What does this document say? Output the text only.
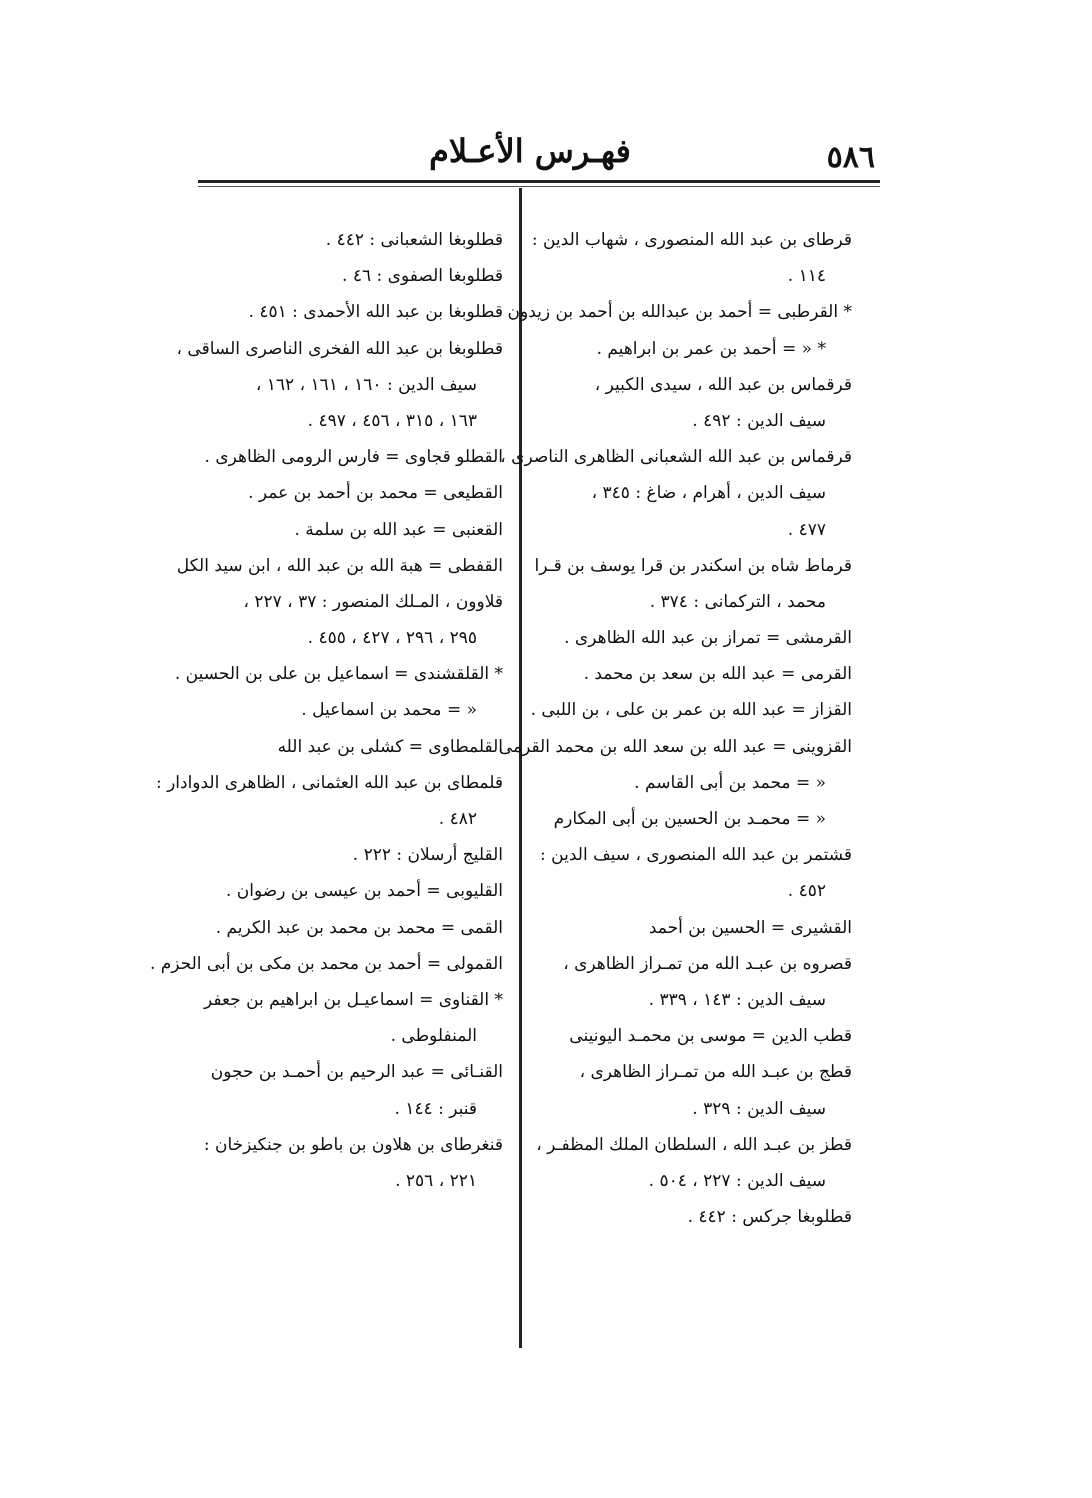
٥٨٦
فهـرس الأعـلام
قرطاى بن عبد الله المنصورى ، شهاب الدين :
١١٤ .
* القرطبى = أحمد بن عبدالله بن أحمد بن زيدون
* « = أحمد بن عمر بن ابراهيم .
قرقماس بن عبد الله ، سيدى الكبير ،
سيف الدين : ٤٩٢ .
قرقماس بن عبد الله الشعبانى الظاهرى الناصرى ،
سيف الدين ، أهرام ، ضاغ : ٣٤٥ ،
٤٧٧ .
قرماط شاه بن اسكندر بن قرا يوسف بن قـرا
محمد ، التركمانى : ٣٧٤ .
القرمشى = تمراز بن عبد الله الظاهرى .
القرمى = عبد الله بن سعد بن محمد .
القزاز = عبد الله بن عمر بن على ، بن اللبى .
القزوينى = عبد الله بن سعد الله بن محمد القرمى
« = محمد بن أبى القاسم .
« = محمـد بن الحسين بن أبى المكارم
قشتمر بن عبد الله المنصورى ، سيف الدين :
٤٥٢ .
القشيرى = الحسين بن أحمد
قصروه بن عبـد الله من تمـراز الظاهرى ،
سيف الدين : ١٤٣ ، ٣٣٩ .
قطب الدين = موسى بن محمـد اليونينى
قطج بن عبـد الله من تمـراز الظاهرى ،
سيف الدين : ٣٢٩ .
قطز بن عبـد الله ، السلطان الملك المظفـر ،
سيف الدين : ٢٢٧ ، ٥٠٤ .
قطلوبغا جركس : ٤٤٢ .
قطلوبغا الشعبانى : ٤٤٢ .
قطلوبغا الصفوى : ٤٦ .
قطلوبغا بن عبد الله الأحمدى : ٤٥١ .
قطلوبغا بن عبد الله الفخرى الناصرى الساقى ،
سيف الدين : ١٦٠ ، ١٦١ ، ١٦٢ ،
١٦٣ ، ٣١٥ ، ٤٥٦ ، ٤٩٧ .
القطلو قجاوى = فارس الرومى الظاهرى .
القطيعى = محمد بن أحمد بن عمر .
القعنبى = عبد الله بن سلمة .
القفطى = هبة الله بن عبد الله ، ابن سيد الكل
قلاوون ، المـلك المنصور : ٣٧ ، ٢٢٧ ،
٢٩٥ ، ٢٩٦ ، ٤٢٧ ، ٤٥٥ .
* القلقشندى = اسماعيل بن على بن الحسين .
« = محمد بن اسماعيل .
القلمطاوى = كشلى بن عبد الله
قلمطاى بن عبد الله العثمانى ، الظاهرى الدوادار :
٤٨٢ .
القليج أرسلان : ٢٢٢ .
القليوبى = أحمد بن عيسى بن رضوان .
القمى = محمد بن محمد بن عبد الكريم .
القمولى = أحمد بن محمد بن مكى بن أبى الحزم .
* القناوى = اسماعيـل بن ابراهيم بن جعفر
المنفلوطى .
القنـائى = عبد الرحيم بن أحمـد بن حجون
قنبر : ١٤٤ .
قنغرطاى بن هلاون بن باطو بن جنكيزخان :
٢٢١ ، ٢٥٦ .
